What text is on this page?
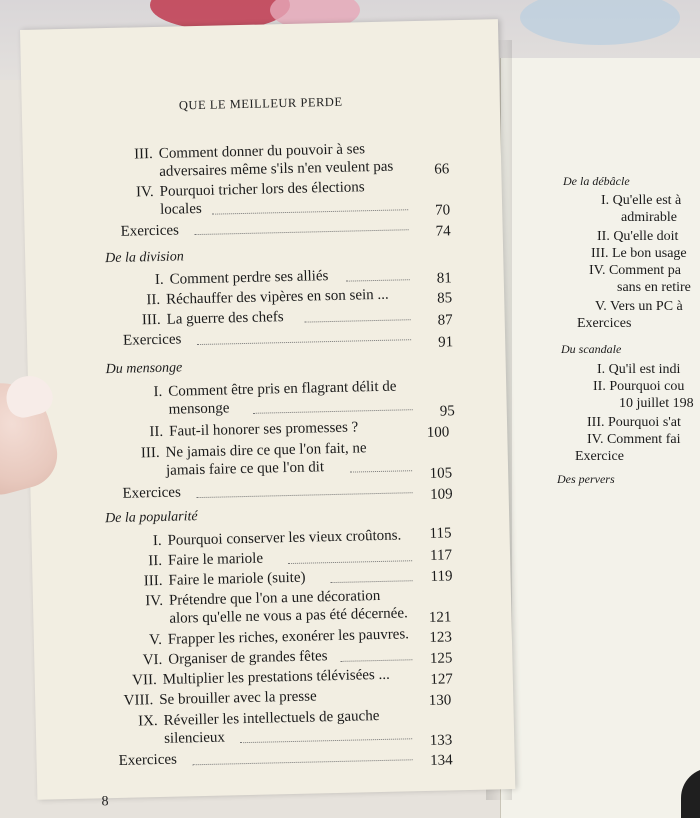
De la débâcle
I. Qu'elle est à
admirable
II. Qu'elle doit
III. Le bon usage
IV. Comment pa
sans en retire
V. Vers un PC à
Exercices
Du scandale
I. Qu'il est indi
II. Pourquoi cou
10 juillet 198
III. Pourquoi s'at
IV. Comment fai
Exercice
Des pervers
QUE LE MEILLEUR PERDE
III. Comment donner du pouvoir à ses
adversaires même s'ils n'en veulent pas	66
IV. Pourquoi tricher lors des élections
locales	70
Exercices	74
De la division
I. Comment perdre ses alliés	81
II. Réchauffer des vipères en son sein ...	85
III. La guerre des chefs	87
Exercices	91
Du mensonge
I. Comment être pris en flagrant délit de
mensonge	95
II. Faut-il honorer ses promesses ?	100
III. Ne jamais dire ce que l'on fait, ne
jamais faire ce que l'on dit	105
Exercices	109
De la popularité
I. Pourquoi conserver les vieux croûtons.	115
II. Faire le mariole	117
III. Faire le mariole (suite)	119
IV. Prétendre que l'on a une décoration
alors qu'elle ne vous a pas été décernée.	121
V. Frapper les riches, exonérer les pauvres.	123
VI. Organiser de grandes fêtes	125
VII. Multiplier les prestations télévisées ...	127
VIII. Se brouiller avec la presse	130
IX. Réveiller les intellectuels de gauche
silencieux	133
Exercices	134
8
